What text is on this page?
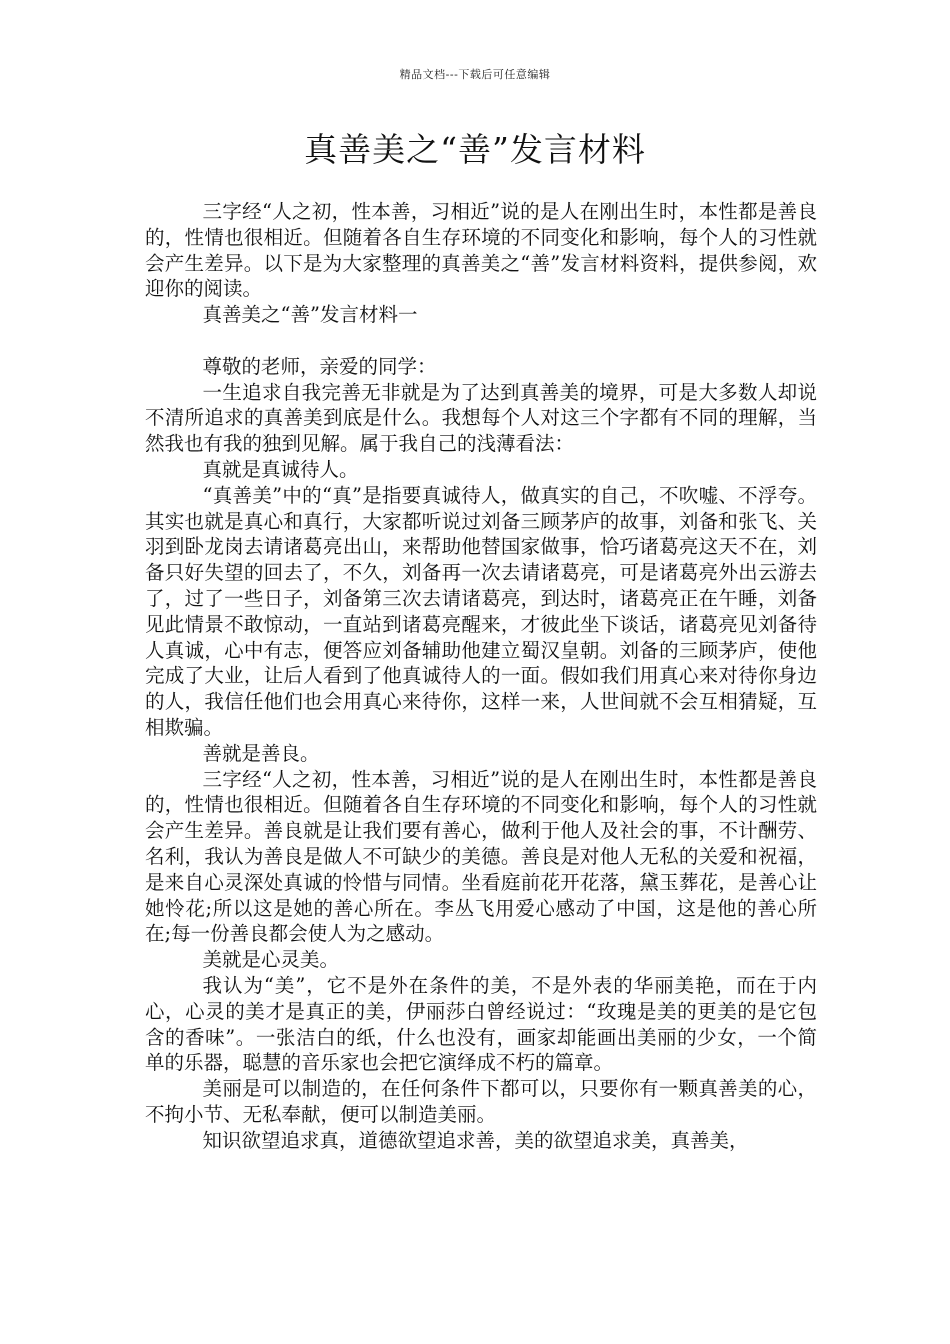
精品文档---下载后可任意编辑
真善美之“善”发言材料

三字经“人之初，性本善，习相近”说的是人在刚出生时，本性都是善良的，性情也很相近。但随着各自生存环境的不同变化和影响，每个人的习性就会产生差异。以下是为大家整理的真善美之“善”发言材料资料，提供参阅，欢迎你的阅读。

真善美之“善”发言材料一

尊敬的老师，亲爱的同学：

一生追求自我完善无非就是为了达到真善美的境界，可是大多数人却说不清所追求的真善美到底是什么。我想每个人对这三个字都有不同的理解，当然我也有我的独到见解。属于我自己的浅薄看法：

真就是真诚待人。

“真善美”中的“真”是指要真诚待人，做真实的自己，不吹嘘、不浮夸。其实也就是真心和真行，大家都听说过刘备三顾茅庐的故事，刘备和张飞、关羽到卧龙岗去请诸葛亮出山，来帮助他替国家做事，恰巧诸葛亮这天不在，刘备只好失望的回去了，不久，刘备再一次去请诸葛亮，可是诸葛亮外出云游去了，过了一些日子，刘备第三次去请诸葛亮，到达时，诸葛亮正在午睡，刘备见此情景不敢惊动，一直站到诸葛亮醒来，才彼此坐下谈话，诸葛亮见刘备待人真诚，心中有志，便答应刘备辅助他建立蜀汉皇朝。刘备的三顾茅庐，使他完成了大业，让后人看到了他真诚待人的一面。假如我们用真心来对待你身边的人，我信任他们也会用真心来待你，这样一来，人世间就不会互相猜疑，互相欺骗。

善就是善良。

三字经“人之初，性本善，习相近”说的是人在刚出生时，本性都是善良的，性情也很相近。但随着各自生存环境的不同变化和影响，每个人的习性就会产生差异。善良就是让我们要有善心，做利于他人及社会的事，不计酬劳、名利，我认为善良是做人不可缺少的美德。善良是对他人无私的关爱和祝福，是来自心灵深处真诚的怜惜与同情。坐看庭前花开花落，黛玉葬花，是善心让她怜花;所以这是她的善心所在。李丛飞用爱心感动了中国，这是他的善心所在;每一份善良都会使人为之感动。

美就是心灵美。

我认为“美”，它不是外在条件的美，不是外表的华丽美艳，而在于内心，心灵的美才是真正的美，伊丽莎白曾经说过：“玫瑰是美的更美的是它包含的香味”。一张洁白的纸，什么也没有，画家却能画出美丽的少女，一个简单的乐器，聪慧的音乐家也会把它演绎成不朽的篇章。

美丽是可以制造的，在任何条件下都可以，只要你有一颗真善美的心，不拘小节、无私奉献，便可以制造美丽。

知识欲望追求真，道德欲望追求善，美的欲望追求美，真善美，
